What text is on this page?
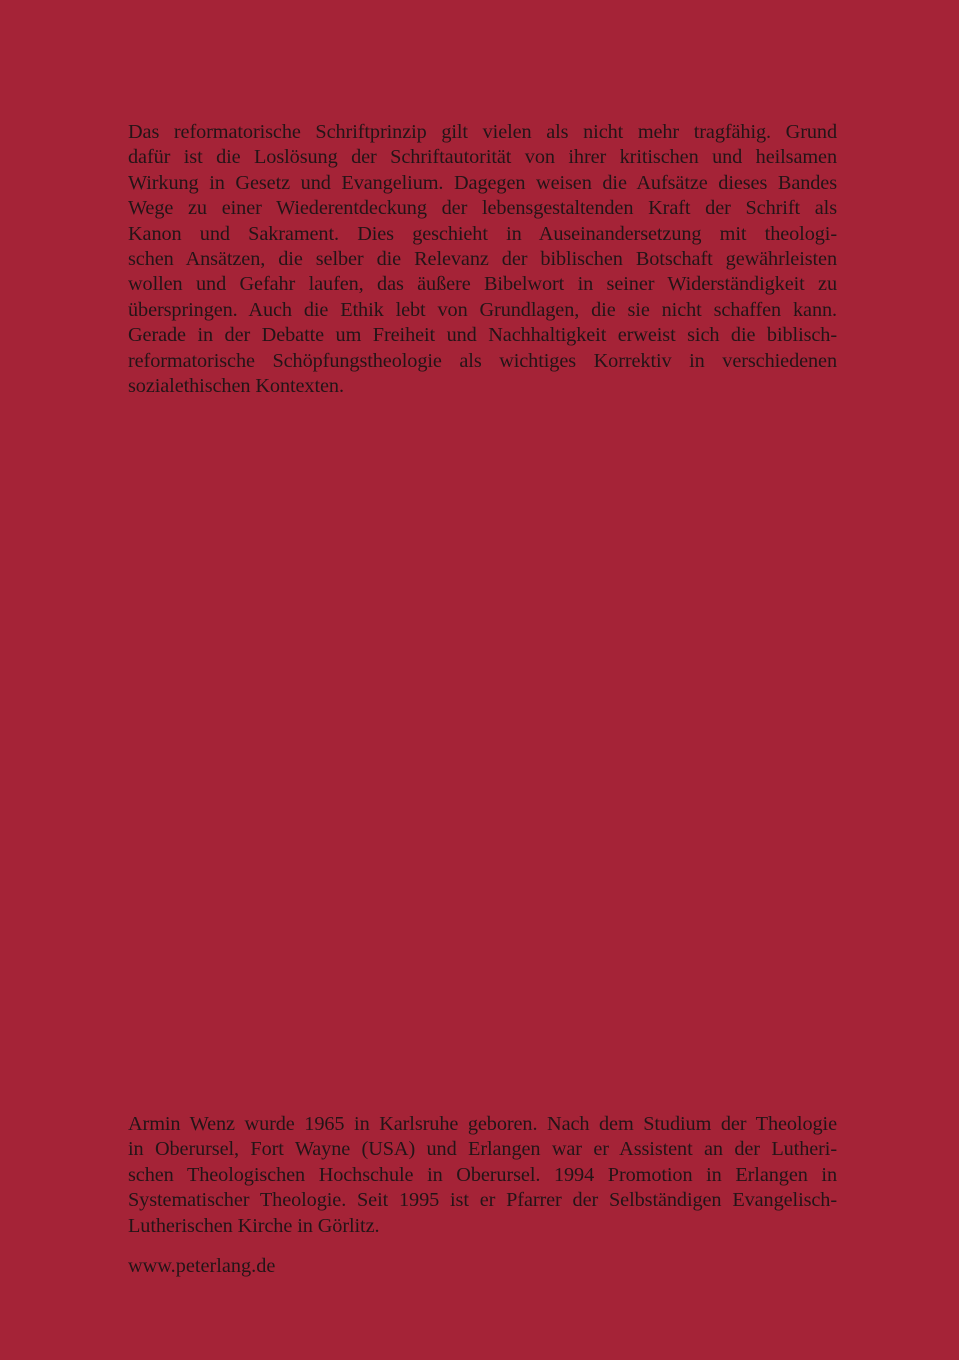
Das reformatorische Schriftprinzip gilt vielen als nicht mehr tragfähig. Grund
dafür ist die Loslösung der Schriftautorität von ihrer kritischen und heilsamen
Wirkung in Gesetz und Evangelium. Dagegen weisen die Aufsätze dieses Bandes
Wege zu einer Wiederentdeckung der lebensgestaltenden Kraft der Schrift als
Kanon und Sakrament. Dies geschieht in Auseinandersetzung mit theologi-
schen Ansätzen, die selber die Relevanz der biblischen Botschaft gewährleisten
wollen und Gefahr laufen, das äußere Bibelwort in seiner Widerständigkeit zu
überspringen. Auch die Ethik lebt von Grundlagen, die sie nicht schaffen kann.
Gerade in der Debatte um Freiheit und Nachhaltigkeit erweist sich die biblisch-
reformatorische Schöpfungstheologie als wichtiges Korrektiv in verschiedenen
sozialethischen Kontexten.
Armin Wenz wurde 1965 in Karlsruhe geboren. Nach dem Studium der Theologie
in Oberursel, Fort Wayne (USA) und Erlangen war er Assistent an der Lutheri-
schen Theologischen Hochschule in Oberursel. 1994 Promotion in Erlangen in
Systematischer Theologie. Seit 1995 ist er Pfarrer der Selbständigen Evangelisch-
Lutherischen Kirche in Görlitz.
www.peterlang.de
